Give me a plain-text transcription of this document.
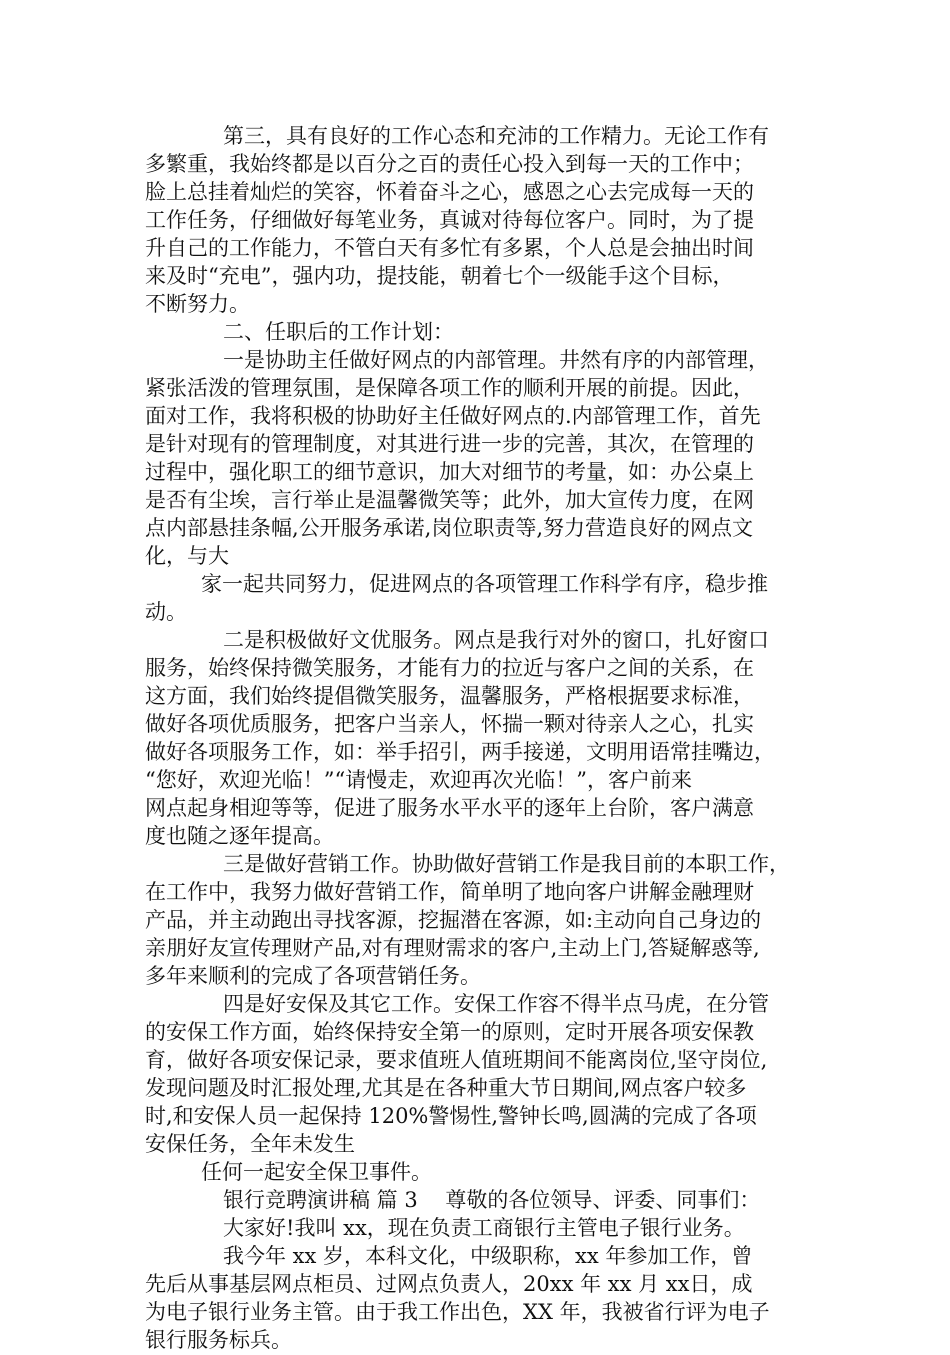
第三，具有良好的工作心态和充沛的工作精力。无论工作有

多繁重，我始终都是以百分之百的责任心投入到每一天的工作中；

脸上总挂着灿烂的笑容，怀着奋斗之心，感恩之心去完成每一天的

工作任务，仔细做好每笔业务，真诚对待每位客户。同时，为了提

升自己的工作能力，不管白天有多忙有多累，个人总是会抽出时间

来及时“充电”，强内功，提技能，朝着七个一级能手这个目标，

不断努力。

二、任职后的工作计划：

一是协助主任做好网点的内部管理。井然有序的内部管理，

紧张活泼的管理氛围，是保障各项工作的顺利开展的前提。因此，

面对工作，我将积极的协助好主任做好网点的.内部管理工作，首先

是针对现有的管理制度，对其进行进一步的完善，其次，在管理的

过程中，强化职工的细节意识，加大对细节的考量，如：办公桌上

是否有尘埃，言行举止是温馨微笑等；此外，加大宣传力度，在网

点内部悬挂条幅,公开服务承诺,岗位职责等,努力营造良好的网点文

化，与大

家一起共同努力，促进网点的各项管理工作科学有序，稳步推

动。

二是积极做好文优服务。网点是我行对外的窗口，扎好窗口

服务，始终保持微笑服务，才能有力的拉近与客户之间的关系，在

这方面，我们始终提倡微笑服务，温馨服务，严格根据要求标准，

做好各项优质服务，把客户当亲人，怀揣一颗对待亲人之心，扎实

做好各项服务工作，如：举手招引，两手接递，文明用语常挂嘴边，

“您好，欢迎光临！”“请慢走，欢迎再次光临！”，客户前来

网点起身相迎等等，促进了服务水平水平的逐年上台阶，客户满意

度也随之逐年提高。

三是做好营销工作。协助做好营销工作是我目前的本职工作，

在工作中，我努力做好营销工作，简单明了地向客户讲解金融理财

产品，并主动跑出寻找客源，挖掘潜在客源，如:主动向自己身边的

亲朋好友宣传理财产品,对有理财需求的客户,主动上门,答疑解惑等,

多年来顺利的完成了各项营销任务。

四是好安保及其它工作。安保工作容不得半点马虎，在分管

的安保工作方面，始终保持安全第一的原则，定时开展各项安保教

育，做好各项安保记录，要求值班人值班期间不能离岗位,坚守岗位,

发现问题及时汇报处理,尤其是在各种重大节日期间,网点客户较多

时,和安保人员一起保持 120%警惕性,警钟长鸣,圆满的完成了各项

安保任务，全年未发生

任何一起安全保卫事件。

银行竞聘演讲稿 篇 3　 尊敬的各位领导、评委、同事们：

大家好!我叫 xx，现在负责工商银行主管电子银行业务。

我今年 xx 岁，本科文化，中级职称，xx 年参加工作，曾

先后从事基层网点柜员、过网点负责人，20xx 年 xx 月 xx日，成

为电子银行业务主管。由于我工作出色，XX 年，我被省行评为电子

银行服务标兵。
